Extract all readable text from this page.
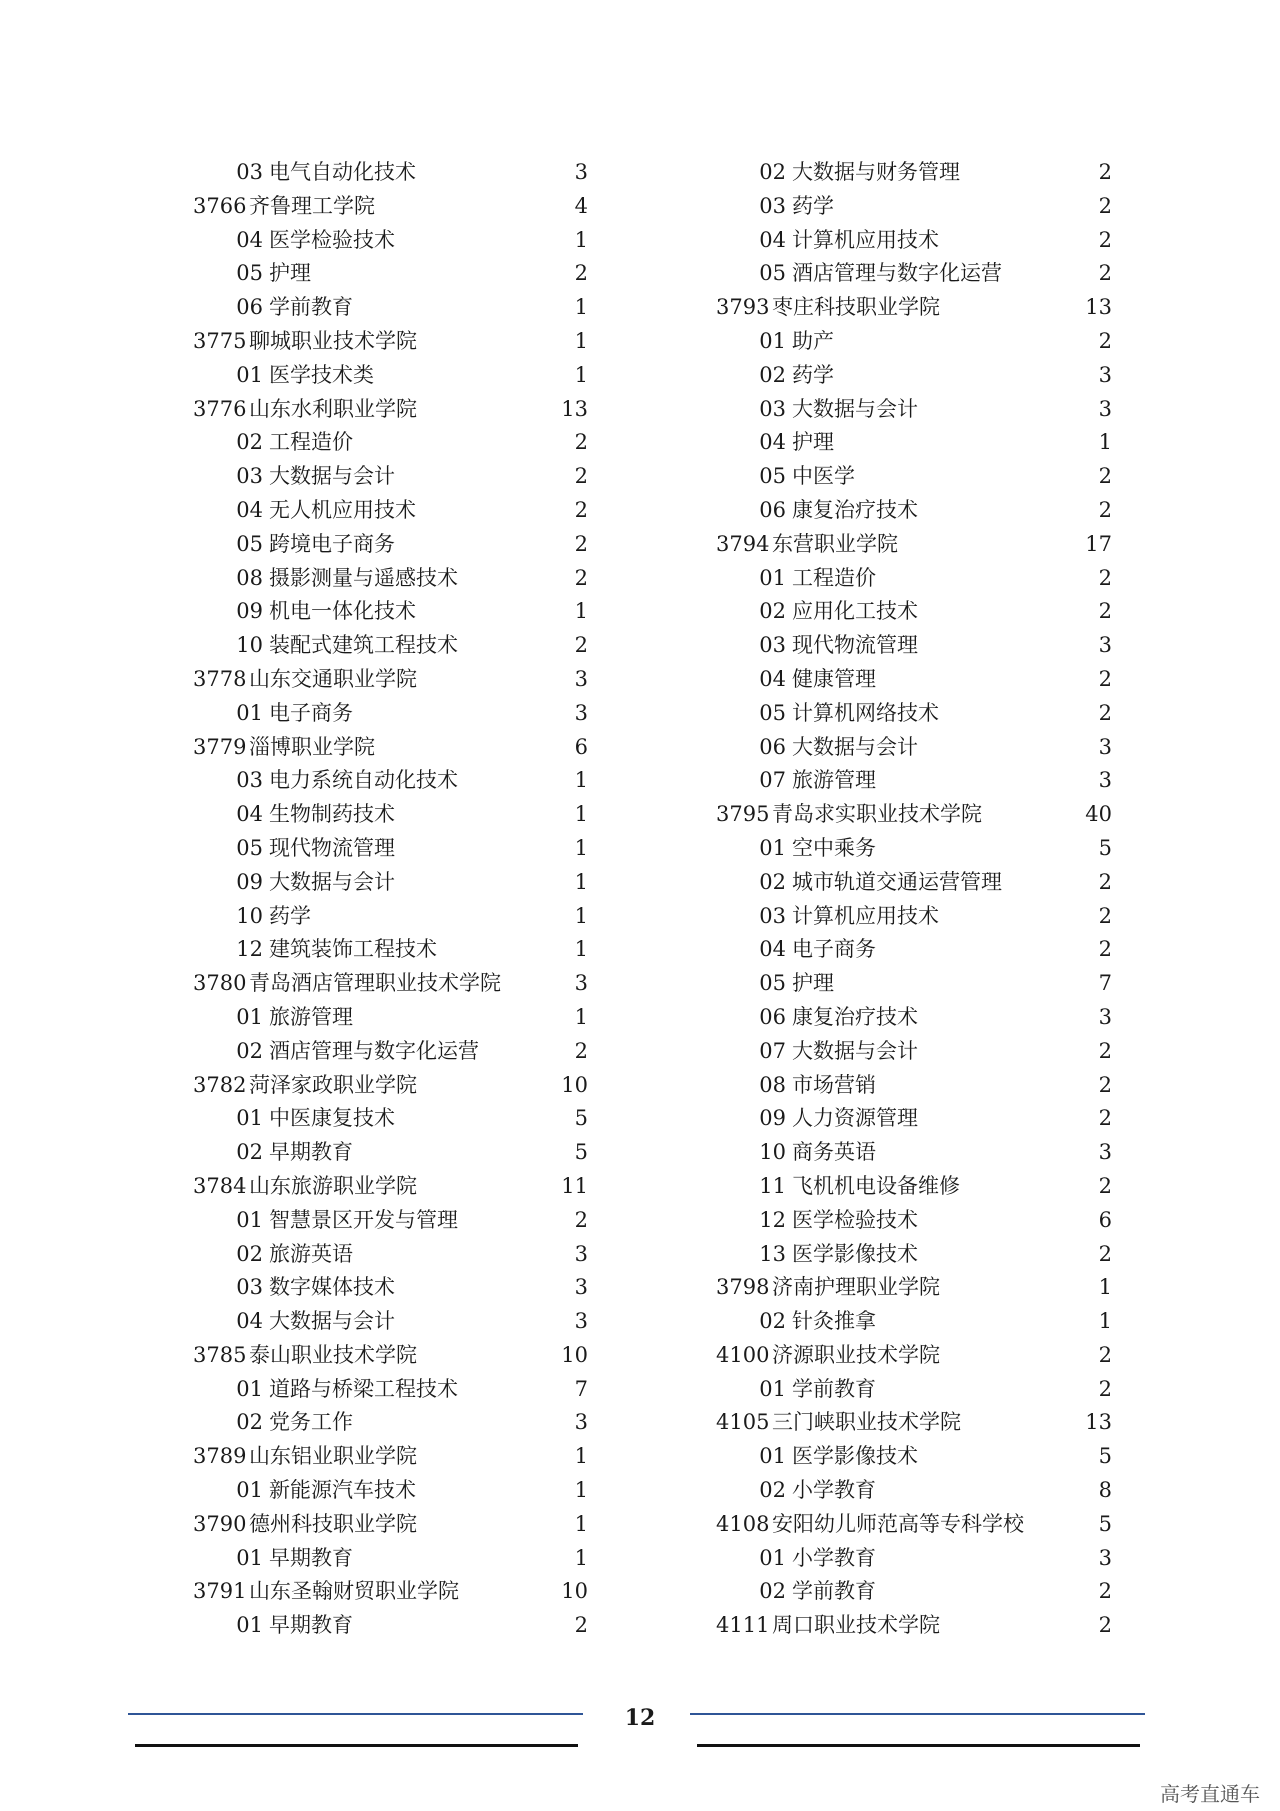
03 电气自动化技术	3
3766 齐鲁理工学院	4
04 医学检验技术	1
05 护理	2
06 学前教育	1
3775 聊城职业技术学院	1
01 医学技术类	1
3776 山东水利职业学院	13
02 工程造价	2
03 大数据与会计	2
04 无人机应用技术	2
05 跨境电子商务	2
08 摄影测量与遥感技术	2
09 机电一体化技术	1
10 装配式建筑工程技术	2
3778 山东交通职业学院	3
01 电子商务	3
3779 淄博职业学院	6
03 电力系统自动化技术	1
04 生物制药技术	1
05 现代物流管理	1
09 大数据与会计	1
10 药学	1
12 建筑装饰工程技术	1
3780 青岛酒店管理职业技术学院	3
01 旅游管理	1
02 酒店管理与数字化运营	2
3782 菏泽家政职业学院	10
01 中医康复技术	5
02 早期教育	5
3784 山东旅游职业学院	11
01 智慧景区开发与管理	2
02 旅游英语	3
03 数字媒体技术	3
04 大数据与会计	3
3785 泰山职业技术学院	10
01 道路与桥梁工程技术	7
02 党务工作	3
3789 山东铝业职业学院	1
01 新能源汽车技术	1
3790 德州科技职业学院	1
01 早期教育	1
3791 山东圣翰财贸职业学院	10
01 早期教育	2
02 大数据与财务管理	2
03 药学	2
04 计算机应用技术	2
05 酒店管理与数字化运营	2
3793 枣庄科技职业学院	13
01 助产	2
02 药学	3
03 大数据与会计	3
04 护理	1
05 中医学	2
06 康复治疗技术	2
3794 东营职业学院	17
01 工程造价	2
02 应用化工技术	2
03 现代物流管理	3
04 健康管理	2
05 计算机网络技术	2
06 大数据与会计	3
07 旅游管理	3
3795 青岛求实职业技术学院	40
01 空中乘务	5
02 城市轨道交通运营管理	2
03 计算机应用技术	2
04 电子商务	2
05 护理	7
06 康复治疗技术	3
07 大数据与会计	2
08 市场营销	2
09 人力资源管理	2
10 商务英语	3
11 飞机机电设备维修	2
12 医学检验技术	6
13 医学影像技术	2
3798 济南护理职业学院	1
02 针灸推拿	1
4100 济源职业技术学院	2
01 学前教育	2
4105 三门峡职业技术学院	13
01 医学影像技术	5
02 小学教育	8
4108 安阳幼儿师范高等专科学校	5
01 小学教育	3
02 学前教育	2
4111 周口职业技术学院	2
12
高考直通车
